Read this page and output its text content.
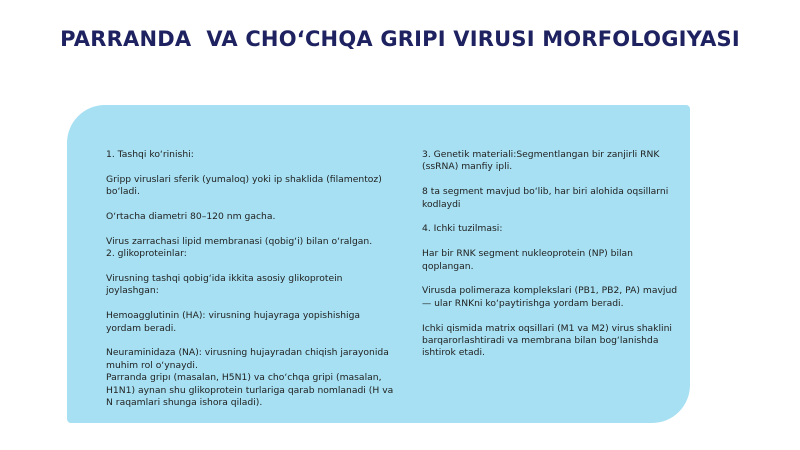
PARRANDA  VA CHO‘CHQA GRIPI VIRUSI MORFOLOGIYASI

1. Tashqi ko‘rinishi:

Gripp viruslari sferik (yumaloq) yoki ip shaklida (filamentoz) bo‘ladi.

O‘rtacha diametri 80–120 nm gacha.

Virus zarrachasi lipid membranasi (qobig‘i) bilan o‘ralgan.

2. glikoproteinlar:

Virusning tashqi qobig‘ida ikkita asosiy glikoprotein joylashgan:

Hemoagglutinin (HA): virusning hujayraga yopishishiga yordam beradi.

Neuraminidaza (NA): virusning hujayradan chiqish jarayonida muhim rol o‘ynaydi.

Parranda gripı (masalan, H5N1) va cho‘chqa gripi (masalan, H1N1) aynan shu glikoprotein turlariga qarab nomlanadi (H va N raqamlari shunga ishora qiladi).

3. Genetik materiali:Segmentlangan bir zanjirli RNK (ssRNA) manfiy ipli.

8 ta segment mavjud bo‘lib, har biri alohida oqsillarni kodlaydi

4. Ichki tuzilmasi:

Har bir RNK segment nukleoprotein (NP) bilan qoplangan.

Virusda polimeraza komplekslari (PB1, PB2, PA) mavjud — ular RNKni ko‘paytirishga yordam beradi.

Ichki qismida matrix oqsillari (M1 va M2) virus shaklini barqarorlashtiradi va membrana bilan bog‘lanishda ishtirok etadi.
